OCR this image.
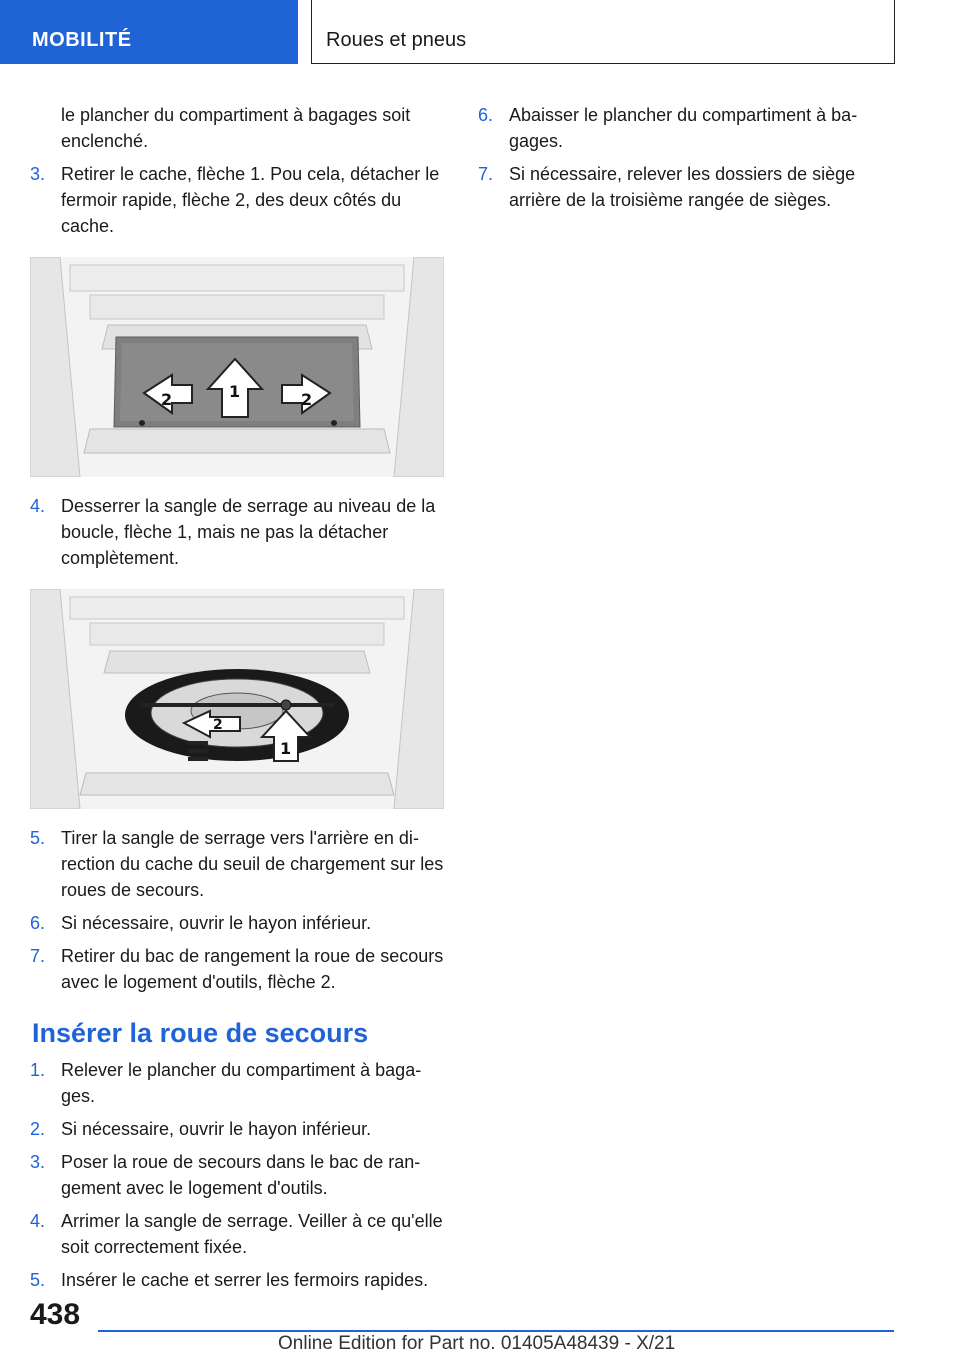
MOBILITÉ	Roues et pneus
le plancher du compartiment à bagages soit enclenché.
3. Retirer le cache, flèche 1. Pou cela, détacher le fermoir rapide, flèche 2, des deux côtés du cache.
2	1	2
4. Desserrer la sangle de serrage au niveau de la boucle, flèche 1, mais ne pas la détacher complètement.
2
1
5. Tirer la sangle de serrage vers l'arrière en direction du cache du seuil de chargement sur les roues de secours.
6. Si nécessaire, ouvrir le hayon inférieur.
7. Retirer du bac de rangement la roue de secours avec le logement d'outils, flèche 2.
Insérer la roue de secours
1. Relever le plancher du compartiment à bagages.
2. Si nécessaire, ouvrir le hayon inférieur.
3. Poser la roue de secours dans le bac de rangement avec le logement d'outils.
4. Arrimer la sangle de serrage. Veiller à ce qu'elle soit correctement fixée.
5. Insérer le cache et serrer les fermoirs rapides.
6. Abaisser le plancher du compartiment à bagages.
7. Si nécessaire, relever les dossiers de siège arrière de la troisième rangée de sièges.
438
Online Edition for Part no. 01405A48439 - X/21
